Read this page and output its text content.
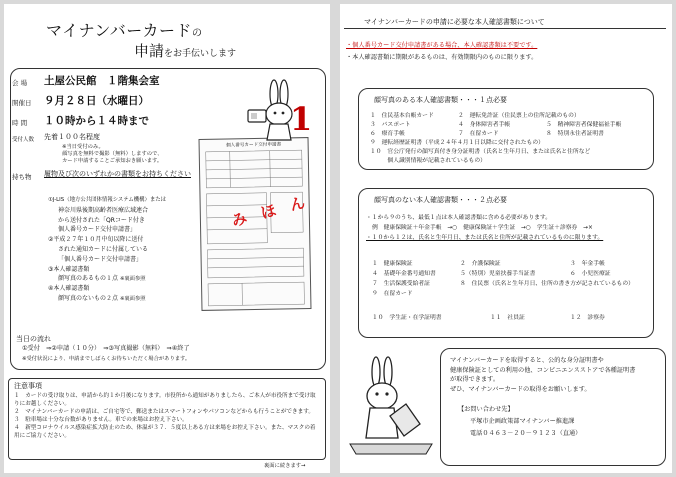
マイナンバーカードの
申請をお手伝いします
会 場 土屋公民館　１階集会室
開催日 ９月２８日（水曜日）
時 間 １０時から１４時まで
受付人数 先着１００名程度
※当日受付のみ。
顔写真を無料で撮影（無料）しますので、
カード申請することご承知おき願います。
持ち物 履物及び次のいずれかの書類をお持ちください
①J-LIS（地方公共団体情報システム機構）または
神奈川県後期高齢者医療広域連合
から送付された「QRコード付き
個人番号カード交付申請書」
②平成２７年１０月中旬以降に送付
された通知カードに付属している
「個人番号カード交付申請書」
③本人確認書類
顔写真のあるもの１点 ※裏面参照
④本人確認書類
顔写真のないもの２点 ※裏面参照
当日の流れ
①受付　⇒②申請（１０分）　⇒③写真撮影（無料）　⇒④終了
※受付状況により、申請までしばらくお待ちいただく場合があります。
個人番号カード交付申請書
み　ほ　ん
1
注意事項
１　カードの受け取りは、申請から約１か月後になります。市役所から通知がありましたら、ご本人が市役所まで受け取りにお越しください。
２　マイナンバーカードの申請は、ご自宅等で、郵送またはスマートフォンやパソコンなどからも行うことができます。
３　駐車場は十分な台数がありません。車での来場はお控え下さい。
４　新型コロナウイルス感染症拡大防止のため、体温が３７．５度以上ある方は来場をお控え下さい。また、マスクの着用にご協力ください。
裏面に続きます→
マイナンバーカードの申請に必要な本人確認書類について
・個人番号カード交付申請書がある場合、本人確認書類は不要です。
・本人確認書類に期限があるものは、有効期限内のものに限ります。
顔写真のある本人確認書類・・・１点必要
１　住民基本台帳カード	２　運転免許証（住民票上の住所記載のもの）
３　パスポート	４　身体障害者手帳	５　精神障害者保健福祉手帳
６　療育手帳	７　在留カード	８　特別永住者証明書
９　運転経歴証明書（平成２４年４月１日以降に交付されたもの）
１０　官公庁発行の顔写真付き身分証明書（氏名と生年月日、または氏名と住所など
　　　個人識別情報が記載されているもの）
顔写真のない本人確認書類・・・２点必要
・１から９のうち、最低１点は本人確認書類に含める必要があります。
例　健康保険証＋年金手帳　→○　健康保険証＋学生証　→○　学生証＋診察券　→×
・１０から１２は、氏名と生年月日、または氏名と住所が記載されているものに限ります。
１　健康保険証	２　介護保険証	３　年金手帳
４　基礎年金番号通知書	５（特別）児童扶養手当証書	６　小児医療証
７　生活保護受給者証	８　住民票（氏名と生年月日、住所の書き方が記されているもの）
９　在留カード
１０　学生証・在学証明書	１１　社員証	１２　診察券
マイナンバーカードを取得すると、公的な身分証明書や
健康保険証としての利用の他、コンビニエンスストアで各種証明書
が取得できます。
ぜひ、マイナンバーカードの取得をお願いします。
【お問い合わせ先】
平塚市企画政策部マイナンバー推進課
電話０４６３－２０－９１２３（直通）
